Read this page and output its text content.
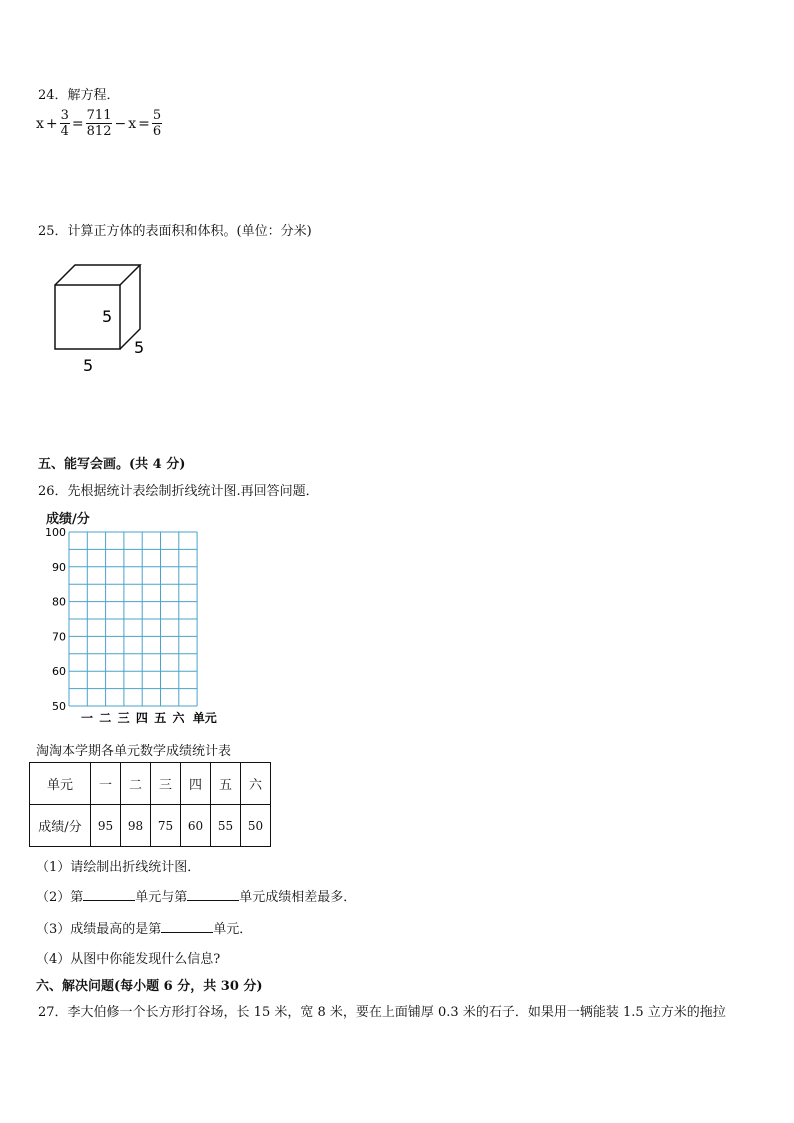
24．解方程．
$x + \frac{3}{4} = \frac{711}{812} - x = \frac{5}{6}$
25．计算正方体的表面积和体积。(单位：分米)
5
5
5
五、能写会画。(共 4 分)
26．先根据统计表绘制折线统计图.再回答问题．
成绩/分
100
90
80
70
60
50
一 二 三 四 五 六 单元
淘淘本学期各单元数学成绩统计表
单元	一	二	三	四	五	六
成绩/分	95	98	75	60	55	50
（1）请绘制出折线统计图．
（2）第	单元与第	单元成绩相差最多．
（3）成绩最高的是第	单元．
（4）从图中你能发现什么信息?
六、解决问题(每小题 6 分，共 30 分)
27．李大伯修一个长方形打谷场，长 15 米，宽 8 米，要在上面铺厚 0.3 米的石子．如果用一辆能装 1.5 立方米的拖拉
